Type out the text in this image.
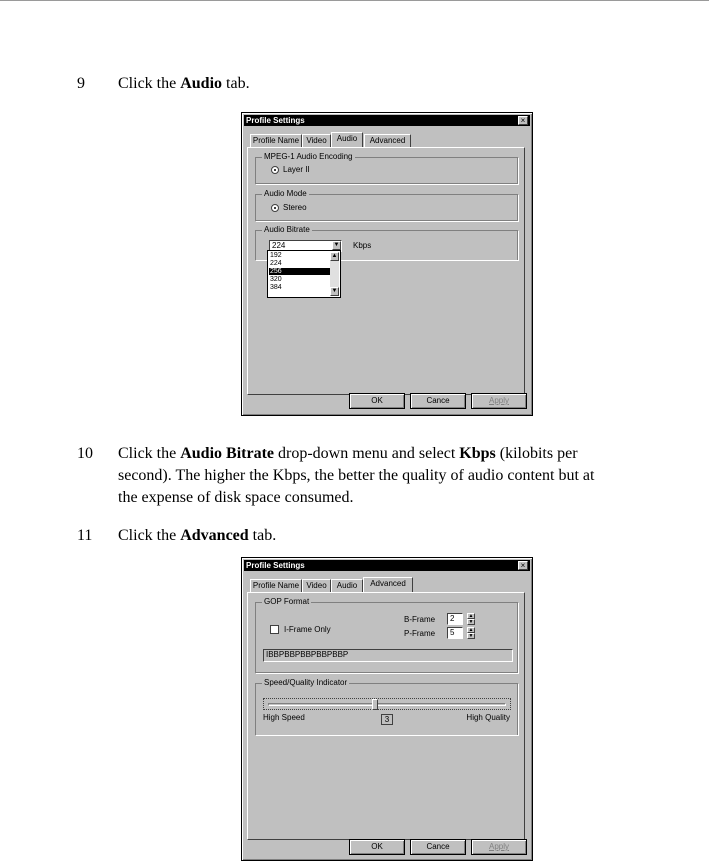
9	Click the Audio tab.
Profile Settings	×
Profile Name Video	Audio	Advanced
MPEG-1 Audio Encoding
Layer II
Audio Mode
Stereo
Audio Bitrate
224	▼ Kbps
192
224
256
320
384
▲
▼
OK	Cance	Apply
10	Click the Audio Bitrate drop-down menu and select Kbps (kilobits per
second). The higher the Kbps, the better the quality of audio content but at
the expense of disk space consumed.
11	Click the Advanced tab.
Profile Settings	×
Profile Name Video	Audio	Advanced
GOP Format
I-Frame Only
B-Frame	2	▲
▼
P-Frame	5	▲
▼
IBBPBBPBBPBBPBBP
Speed/Quality Indicator
High Speed	3	High Quality
OK	Cance	Apply
